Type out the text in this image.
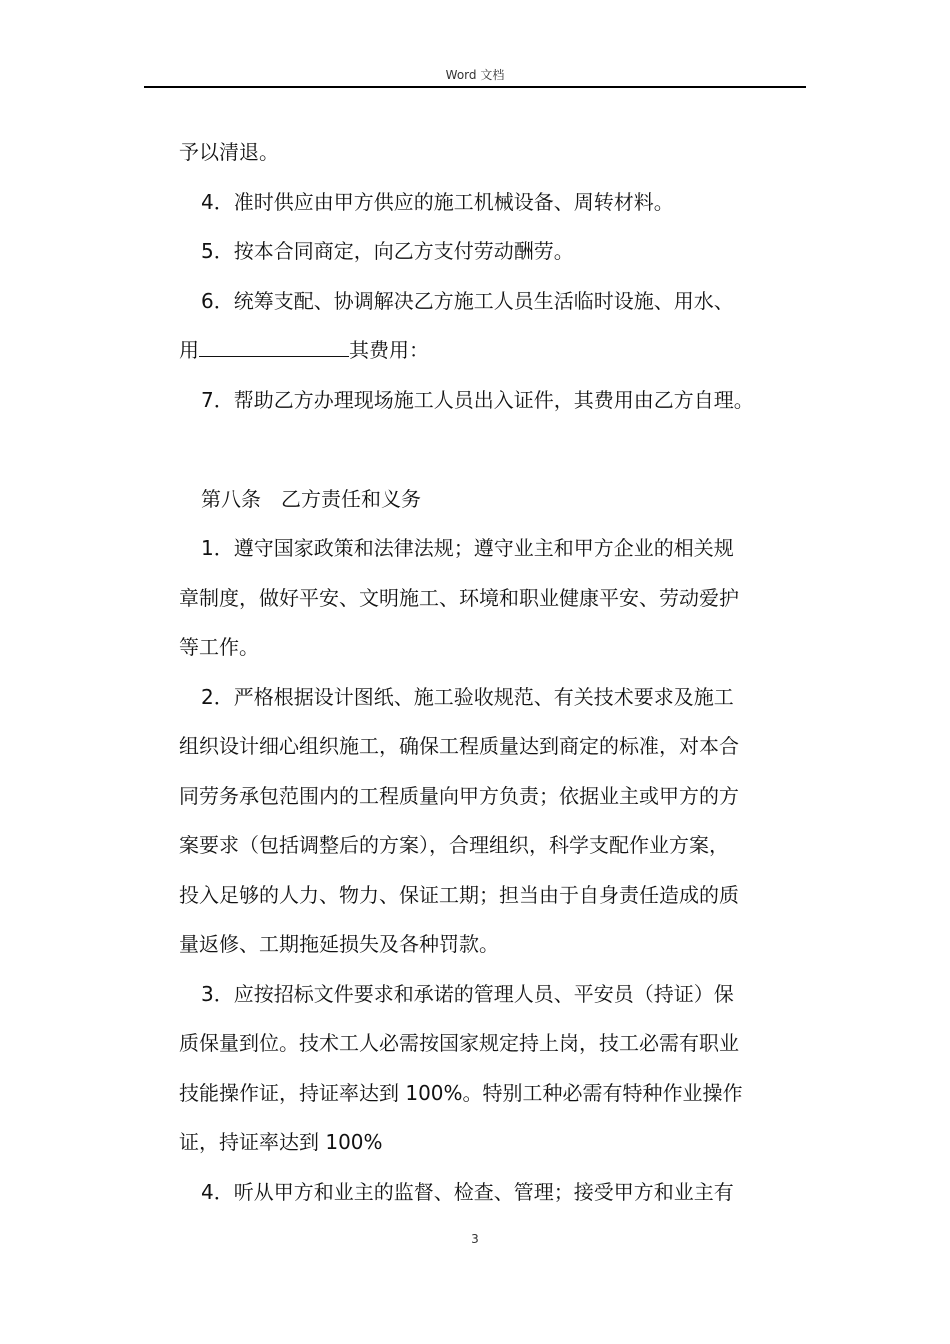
Word 文档
予以清退。
4．准时供应由甲方供应的施工机械设备、周转材料。
5．按本合同商定，向乙方支付劳动酬劳。
6．统筹支配、协调解决乙方施工人员生活临时设施、用水、
用	其费用：
7．帮助乙方办理现场施工人员出入证件，其费用由乙方自理。
第八条　乙方责任和义务
1．遵守国家政策和法律法规；遵守业主和甲方企业的相关规
章制度，做好平安、文明施工、环境和职业健康平安、劳动爱护
等工作。
2．严格根据设计图纸、施工验收规范、有关技术要求及施工
组织设计细心组织施工，确保工程质量达到商定的标准，对本合
同劳务承包范围内的工程质量向甲方负责；依据业主或甲方的方
案要求（包括调整后的方案），合理组织，科学支配作业方案，
投入足够的人力、物力、保证工期；担当由于自身责任造成的质
量返修、工期拖延损失及各种罚款。
3．应按招标文件要求和承诺的管理人员、平安员（持证）保
质保量到位。技术工人必需按国家规定持上岗，技工必需有职业
技能操作证，持证率达到 100%。特别工种必需有特种作业操作
证，持证率达到 100%
4．听从甲方和业主的监督、检查、管理；接受甲方和业主有
3
